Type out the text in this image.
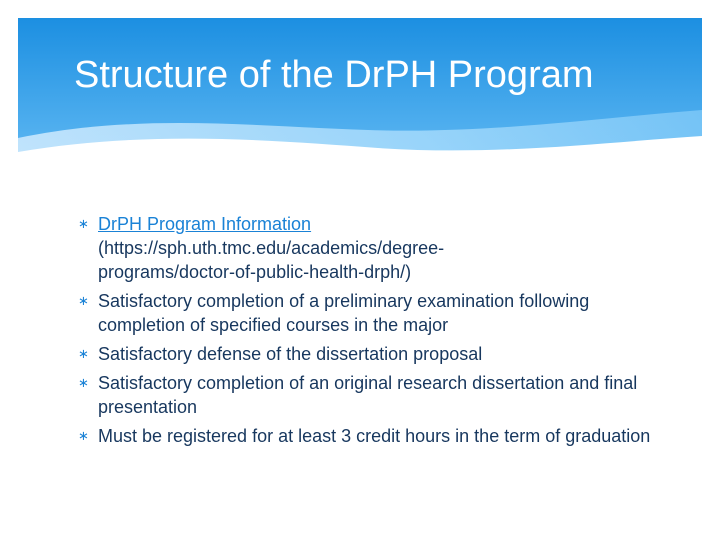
Structure of the DrPH Program
∗ DrPH Program Information
(https://sph.uth.tmc.edu/academics/degree-
programs/doctor-of-public-health-drph/)
∗ Satisfactory completion of a preliminary examination following completion of specified courses in the major
∗ Satisfactory defense of the dissertation proposal
∗ Satisfactory completion of an original research dissertation and final presentation
∗ Must be registered for at least 3 credit hours in the term of graduation
